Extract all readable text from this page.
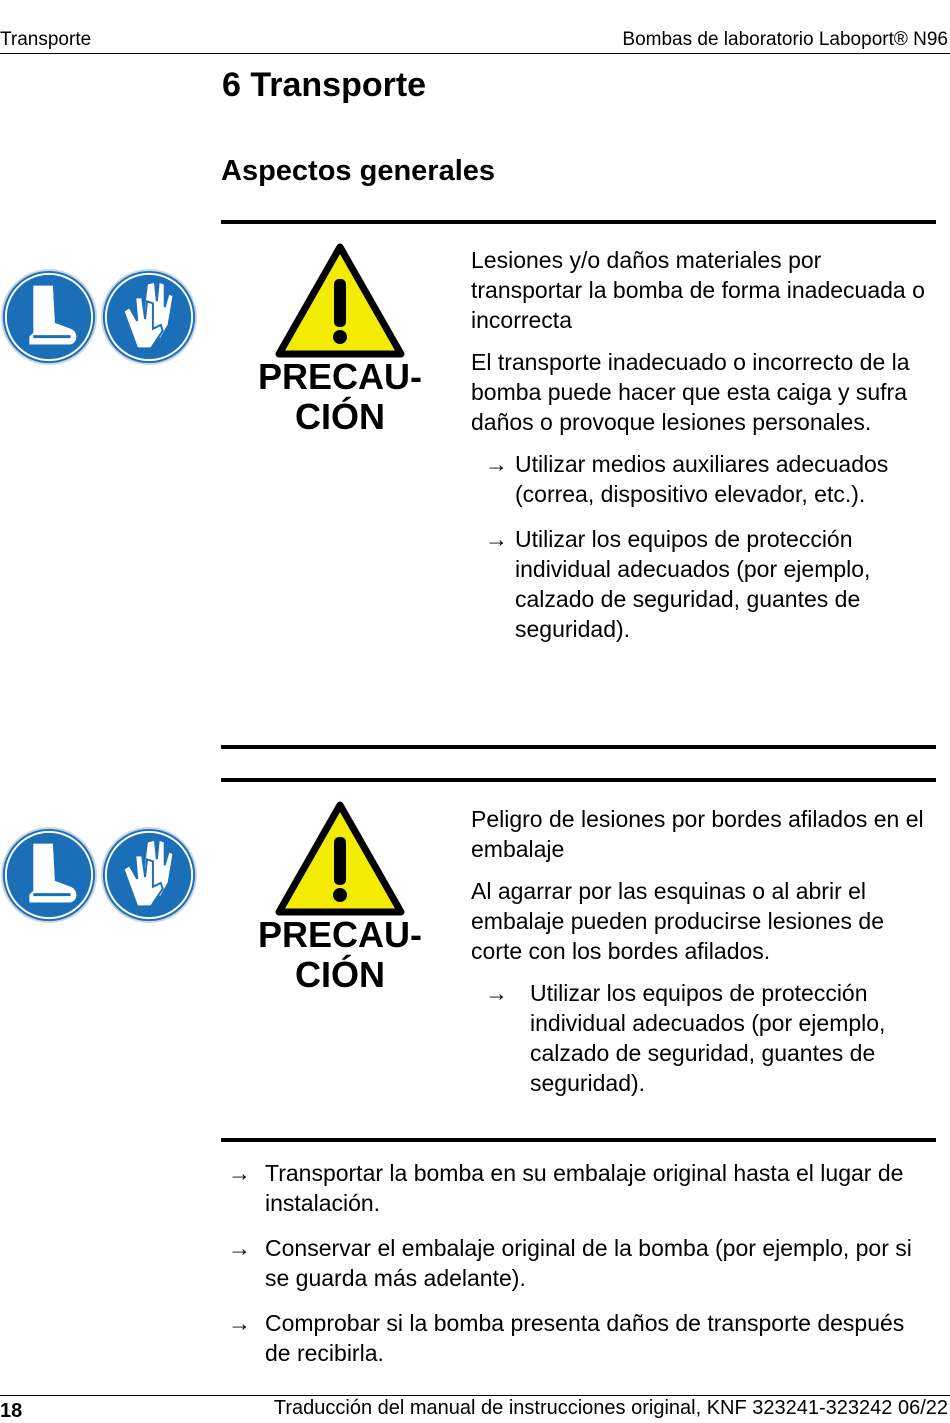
Transporte	Bombas de laboratorio Laboport® N96
6 Transporte
Aspectos generales
PRECAU-
CIÓN

Lesiones y/o daños materiales por transportar la bomba de forma inadecuada o incorrecta

El transporte inadecuado o incorrecto de la bomba puede hacer que esta caiga y sufra daños o provoque lesiones personales.

→ Utilizar medios auxiliares adecuados (correa, dispositivo elevador, etc.).
→ Utilizar los equipos de protección individual adecuados (por ejemplo, calzado de seguridad, guantes de seguridad).
PRECAU-
CIÓN

Peligro de lesiones por bordes afilados en el embalaje

Al agarrar por las esquinas o al abrir el embalaje pueden producirse lesiones de corte con los bordes afilados.

→ Utilizar los equipos de protección individual adecuados (por ejemplo, calzado de seguridad, guantes de seguridad).
→ Transportar la bomba en su embalaje original hasta el lugar de instalación.
→ Conservar el embalaje original de la bomba (por ejemplo, por si se guarda más adelante).
→ Comprobar si la bomba presenta daños de transporte después de recibirla.
18	Traducción del manual de instrucciones original, KNF 323241-323242 06/22
